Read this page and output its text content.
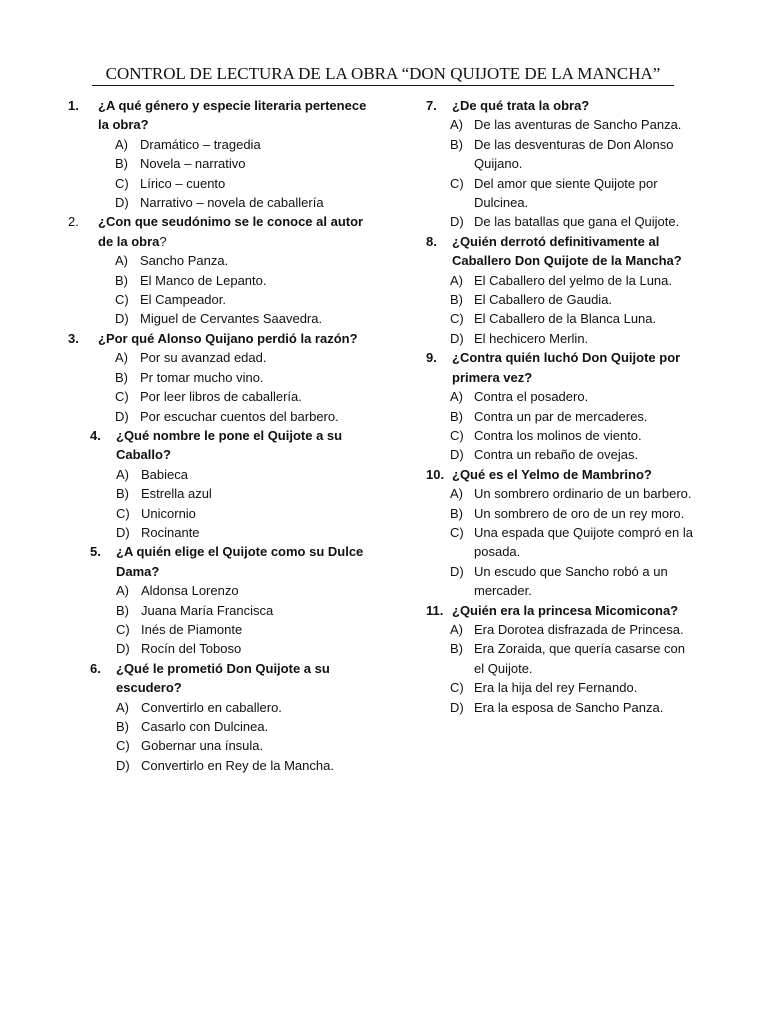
CONTROL DE LECTURA DE LA OBRA “DON QUIJOTE DE LA MANCHA”
1.	¿A qué género y especie literaria pertenece la obra?
A) Dramático – tragedia
B) Novela – narrativo
C) Lírico – cuento
D) Narrativo – novela de caballería
2.	¿Con que seudónimo se le conoce al autor de la obra?
A) Sancho Panza.
B) El Manco de Lepanto.
C) El Campeador.
D) Miguel de Cervantes Saavedra.
3.	¿Por qué Alonso Quijano perdió la razón?
A) Por su avanzad edad.
B) Pr tomar mucho vino.
C) Por leer libros de caballería.
D) Por escuchar cuentos del barbero.
4.	¿Qué nombre le pone el Quijote a su Caballo?
A) Babieca
B) Estrella azul
C) Unicornio
D) Rocinante
5.	¿A quién elige el Quijote como su Dulce Dama?
A) Aldonsa Lorenzo
B) Juana María Francisca
C) Inés de Piamonte
D) Rocín del Toboso
6.	¿Qué le prometió Don Quijote a su escudero?
A) Convertirlo en caballero.
B) Casarlo con Dulcinea.
C) Gobernar una ínsula.
D) Convertirlo en Rey de la Mancha.
7.	¿De qué trata la obra?
A) De las aventuras de Sancho Panza.
B) De las desventuras de Don Alonso Quijano.
C) Del amor que siente Quijote por Dulcinea.
D) De las batallas que gana el Quijote.
8.	¿Quién derrotó definitivamente al Caballero Don Quijote de la Mancha?
A) El Caballero del yelmo de la Luna.
B) El Caballero de Gaudia.
C) El Caballero de la Blanca Luna.
D) El hechicero Merlin.
9.	¿Contra quién luchó Don Quijote por primera vez?
A) Contra el posadero.
B) Contra un par de mercaderes.
C) Contra los molinos de viento.
D) Contra un rebaño de ovejas.
10. ¿Qué es el Yelmo de Mambrino?
A) Un sombrero ordinario de un barbero.
B) Un sombrero de oro de un rey moro.
C) Una espada que Quijote compró en la posada.
D) Un escudo que Sancho robó a un mercader.
11. ¿Quién era la princesa Micomicona?
A) Era Dorotea disfrazada de Princesa.
B) Era Zoraida, que quería casarse con el Quijote.
C) Era la hija del rey Fernando.
D) Era la esposa de Sancho Panza.
